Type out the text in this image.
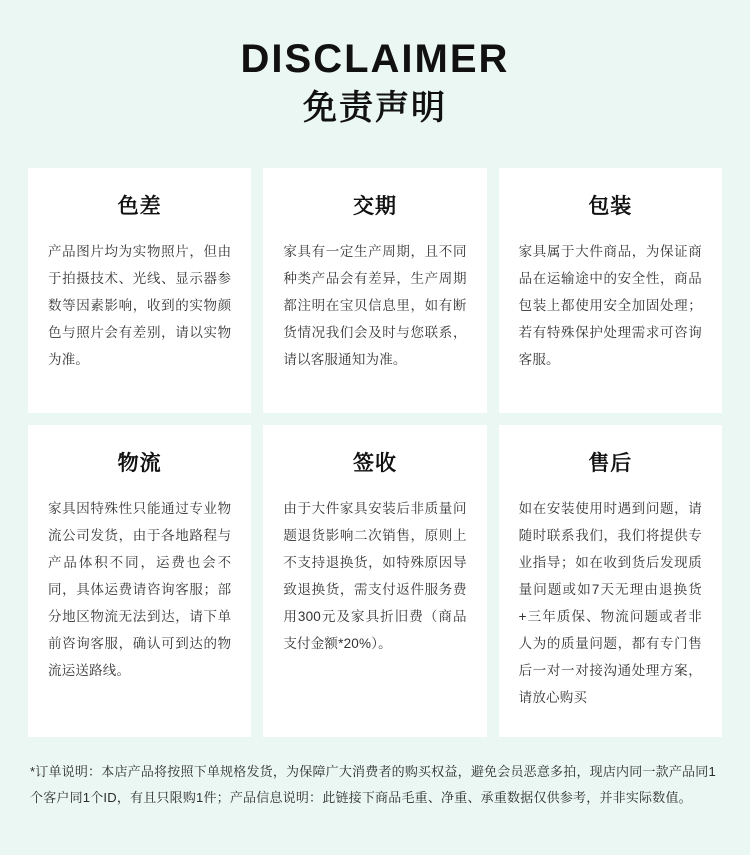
DISCLAIMER
免责声明
色差
产品图片均为实物照片，但由于拍摄技术、光线、显示器参数等因素影响，收到的实物颜色与照片会有差别，请以实物为准。
交期
家具有一定生产周期，且不同种类产品会有差异，生产周期都注明在宝贝信息里，如有断货情况我们会及时与您联系，请以客服通知为准。
包装
家具属于大件商品，为保证商品在运输途中的安全性，商品包装上都使用安全加固处理；若有特殊保护处理需求可咨询客服。
物流
家具因特殊性只能通过专业物流公司发货，由于各地路程与产品体积不同，运费也会不同，具体运费请咨询客服；部分地区物流无法到达，请下单前咨询客服，确认可到达的物流运送路线。
签收
由于大件家具安装后非质量问题退货影响二次销售，原则上不支持退换货，如特殊原因导致退换货，需支付返件服务费用300元及家具折旧费（商品支付金额*20%）。
售后
如在安装使用时遇到问题，请随时联系我们，我们将提供专业指导；如在收到货后发现质量问题或如7天无理由退换货+三年质保、物流问题或者非人为的质量问题，都有专门售后一对一对接沟通处理方案，请放心购买
*订单说明：本店产品将按照下单规格发货，为保障广大消费者的购买权益，避免会员恶意多拍，现店内同一款产品同1个客户同1个ID，有且只限购1件；产品信息说明：此链接下商品毛重、净重、承重数据仅供参考，并非实际数值。
